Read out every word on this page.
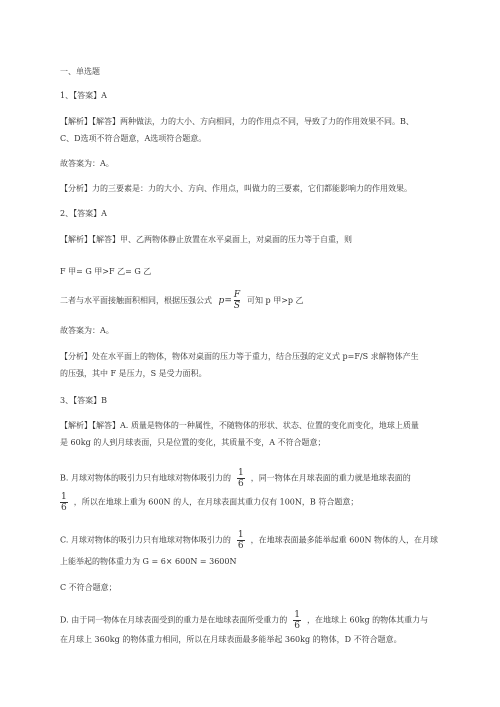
一、单选题
1、【答案】A
【解析】【解答】两种做法，力的大小、方向相同，力的作用点不同，导致了力的作用效果不同。B、
C、D选项不符合题意，A选项符合题意。
故答案为：A。
【分析】力的三要素是：力的大小、方向、作用点，叫做力的三要素，它们都能影响力的作用效果。
2、【答案】A
【解析】【解答】甲、乙两物体静止放置在水平桌面上，对桌面的压力等于自重，则
F 甲= G 甲>F 乙= G 乙
二者与水平面接触面积相同，根据压强公式 $p= \frac{F}{S}$ 可知 p 甲>p 乙
故答案为：A。
【分析】处在水平面上的物体，物体对桌面的压力等于重力，结合压强的定义式 p=F/S 求解物体产生
的压强，其中 F 是压力，S 是受力面积。
3、【答案】B
【解析】【解答】A. 质量是物体的一种属性，不随物体的形状、状态、位置的变化而变化，地球上质量
是 60kg 的人到月球表面，只是位置的变化，其质量不变，A 不符合题意；
B. 月球对物体的吸引力只有地球对物体吸引力的 $\frac{1}{6}$ ，同一物体在月球表面的重力就是地球表面的
$\frac{1}{6}$ ，所以在地球上重为 600N 的人，在月球表面其重力仅有 100N，B 符合题意；
C. 月球对物体的吸引力只有地球对物体吸引力的 $\frac{1}{6}$ ，在地球表面最多能举起重 600N 物体的人，在月球
上能举起的物体重力为 G = 6× 600N = 3600N
C 不符合题意；
D. 由于同一物体在月球表面受到的重力是在地球表面所受重力的 $\frac{1}{6}$ ，在地球上 60kg 的物体其重力与
在月球上 360kg 的物体重力相同，所以在月球表面最多能举起 360kg 的物体，D 不符合题意。
